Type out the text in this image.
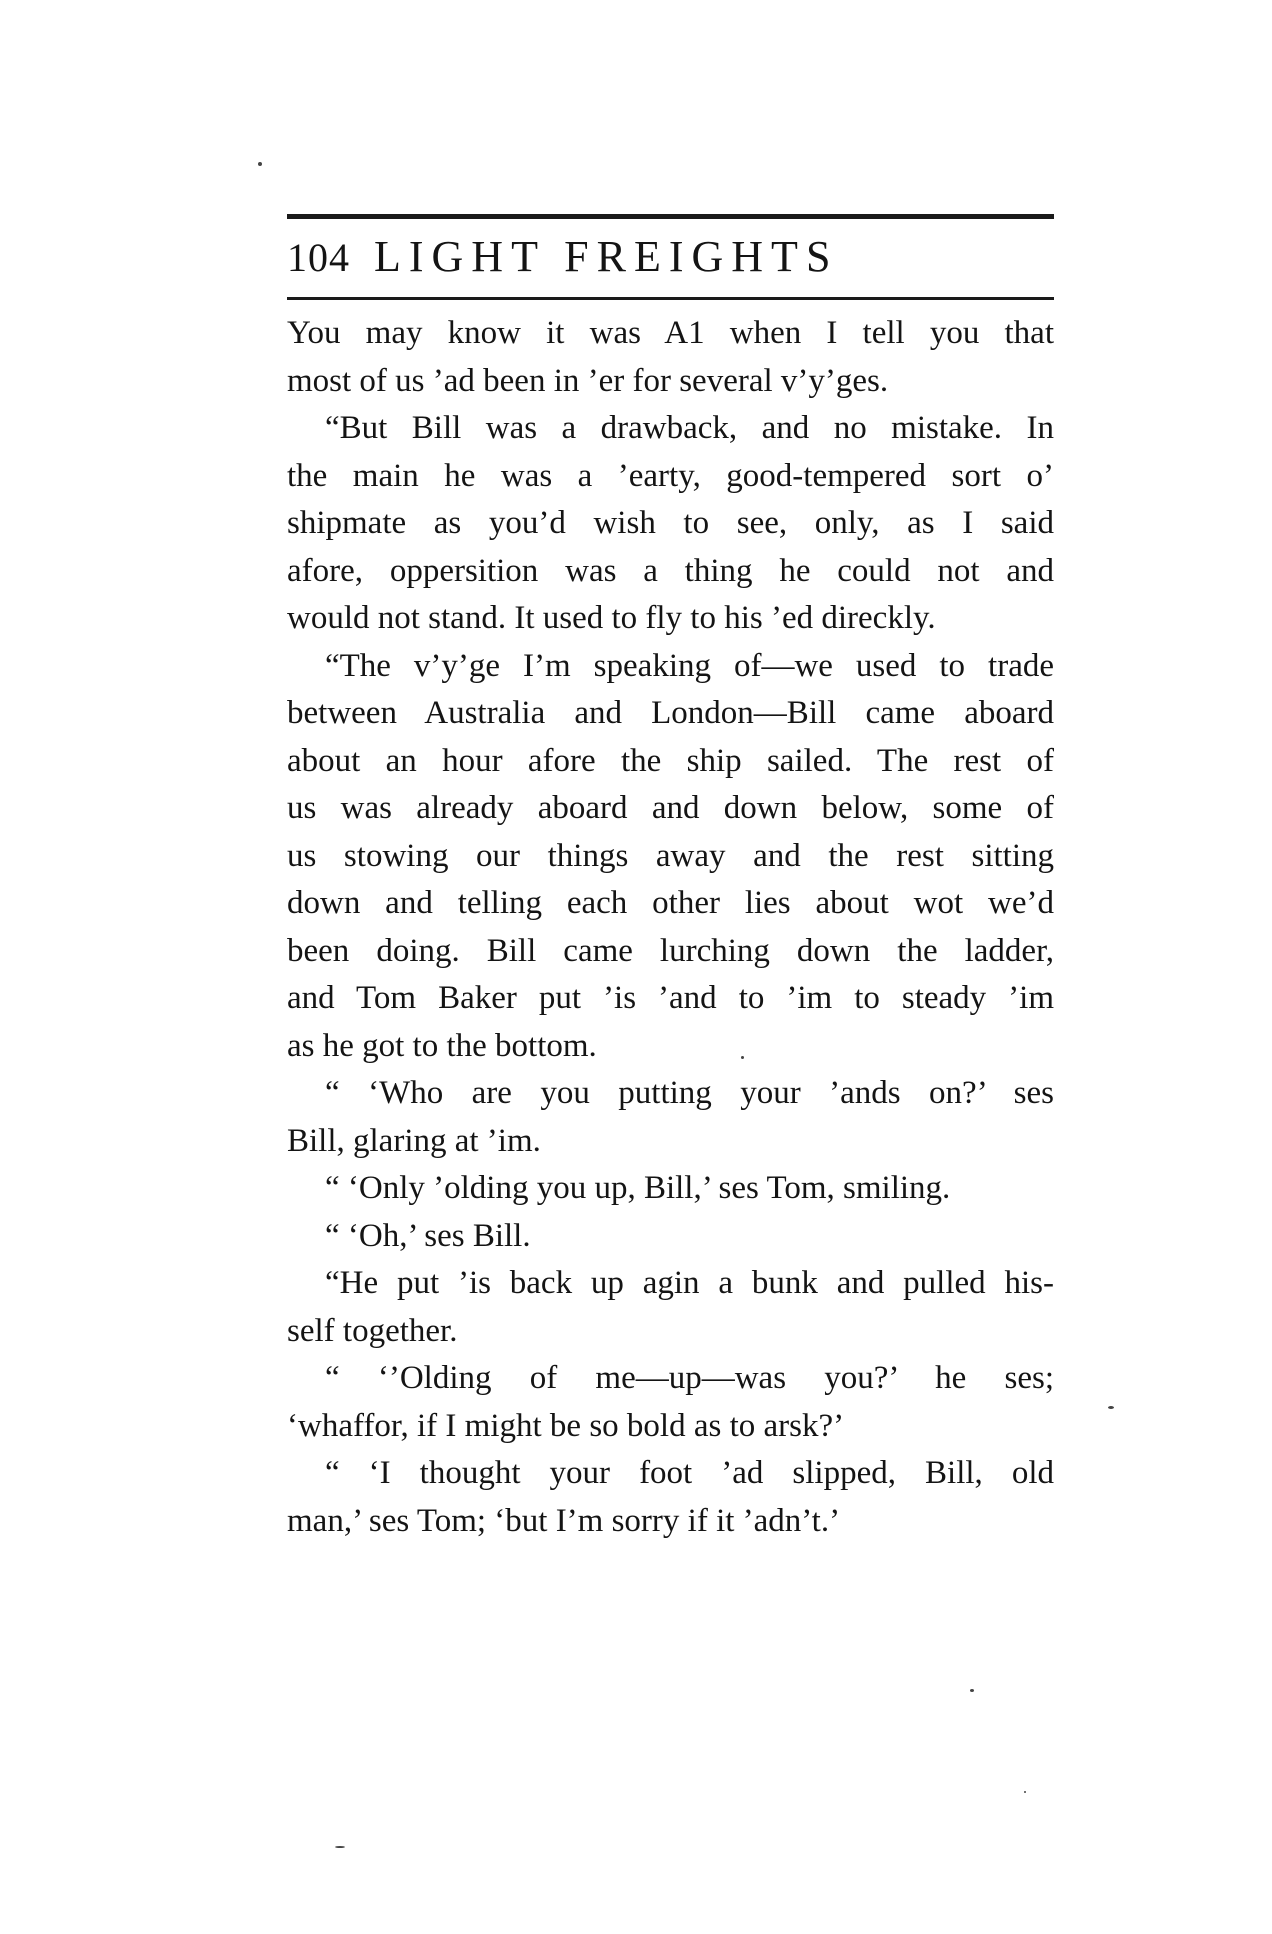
104 LIGHT FREIGHTS
You may know it was A1 when I tell you that
most of us ’ad been in ’er for several v’y’ges.
“But Bill was a drawback, and no mistake. In
the main he was a ’earty, good-tempered sort o’
shipmate as you’d wish to see, only, as I said
afore, oppersition was a thing he could not and
would not stand. It used to fly to his ’ed direckly.
“The v’y’ge I’m speaking of—we used to trade
between Australia and London—Bill came aboard
about an hour afore the ship sailed. The rest of
us was already aboard and down below, some of
us stowing our things away and the rest sitting
down and telling each other lies about wot we’d
been doing. Bill came lurching down the ladder,
and Tom Baker put ’is ’and to ’im to steady ’im
as he got to the bottom.
“ ‘Who are you putting your ’ands on?’ ses
Bill, glaring at ’im.
“ ‘Only ’olding you up, Bill,’ ses Tom, smiling.
“ ‘Oh,’ ses Bill.
“He put ’is back up agin a bunk and pulled his-
self together.
“ ‘’Olding of me—up—was you?’ he ses;
‘whaffor, if I might be so bold as to arsk?’
“ ‘I thought your foot ’ad slipped, Bill, old
man,’ ses Tom; ‘but I’m sorry if it ’adn’t.’
